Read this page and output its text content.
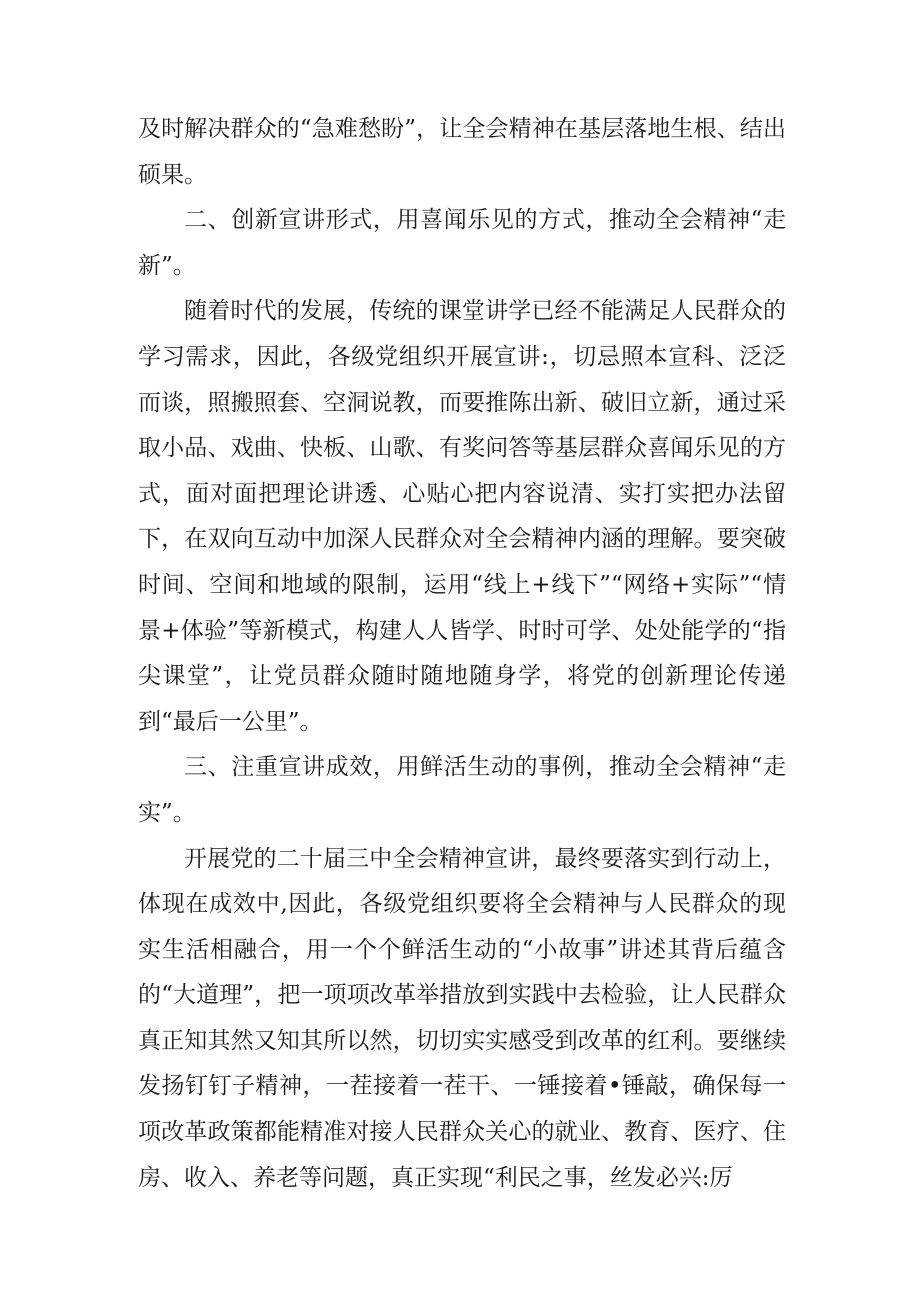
及时解决群众的“急难愁盼”，让全会精神在基层落地生根、结出硕果。

二、创新宣讲形式，用喜闻乐见的方式，推动全会精神“走新”。

随着时代的发展，传统的课堂讲学已经不能满足人民群众的学习需求，因此，各级党组织开展宣讲:，切忌照本宣科、泛泛而谈，照搬照套、空洞说教，而要推陈出新、破旧立新，通过采取小品、戏曲、快板、山歌、有奖问答等基层群众喜闻乐见的方式，面对面把理论讲透、心贴心把内容说清、实打实把办法留下，在双向互动中加深人民群众对全会精神内涵的理解。要突破时间、空间和地域的限制，运用“线上+线下”“网络+实际”“情景+体验”等新模式，构建人人皆学、时时可学、处处能学的“指尖课堂”，让党员群众随时随地随身学，将党的创新理论传递到“最后一公里”。

三、注重宣讲成效，用鲜活生动的事例，推动全会精神“走实”。

开展党的二十届三中全会精神宣讲，最终要落实到行动上，体现在成效中,因此，各级党组织要将全会精神与人民群众的现实生活相融合，用一个个鲜活生动的“小故事”讲述其背后蕴含的“大道理”，把一项项改革举措放到实践中去检验，让人民群众真正知其然又知其所以然，切切实实感受到改革的红利。要继续发扬钉钉子精神，一茬接着一茬干、一锤接着•锤敲，确保每一项改革政策都能精准对接人民群众关心的就业、教育、医疗、住房、收入、养老等问题，真正实现“利民之事，丝发必兴:厉
